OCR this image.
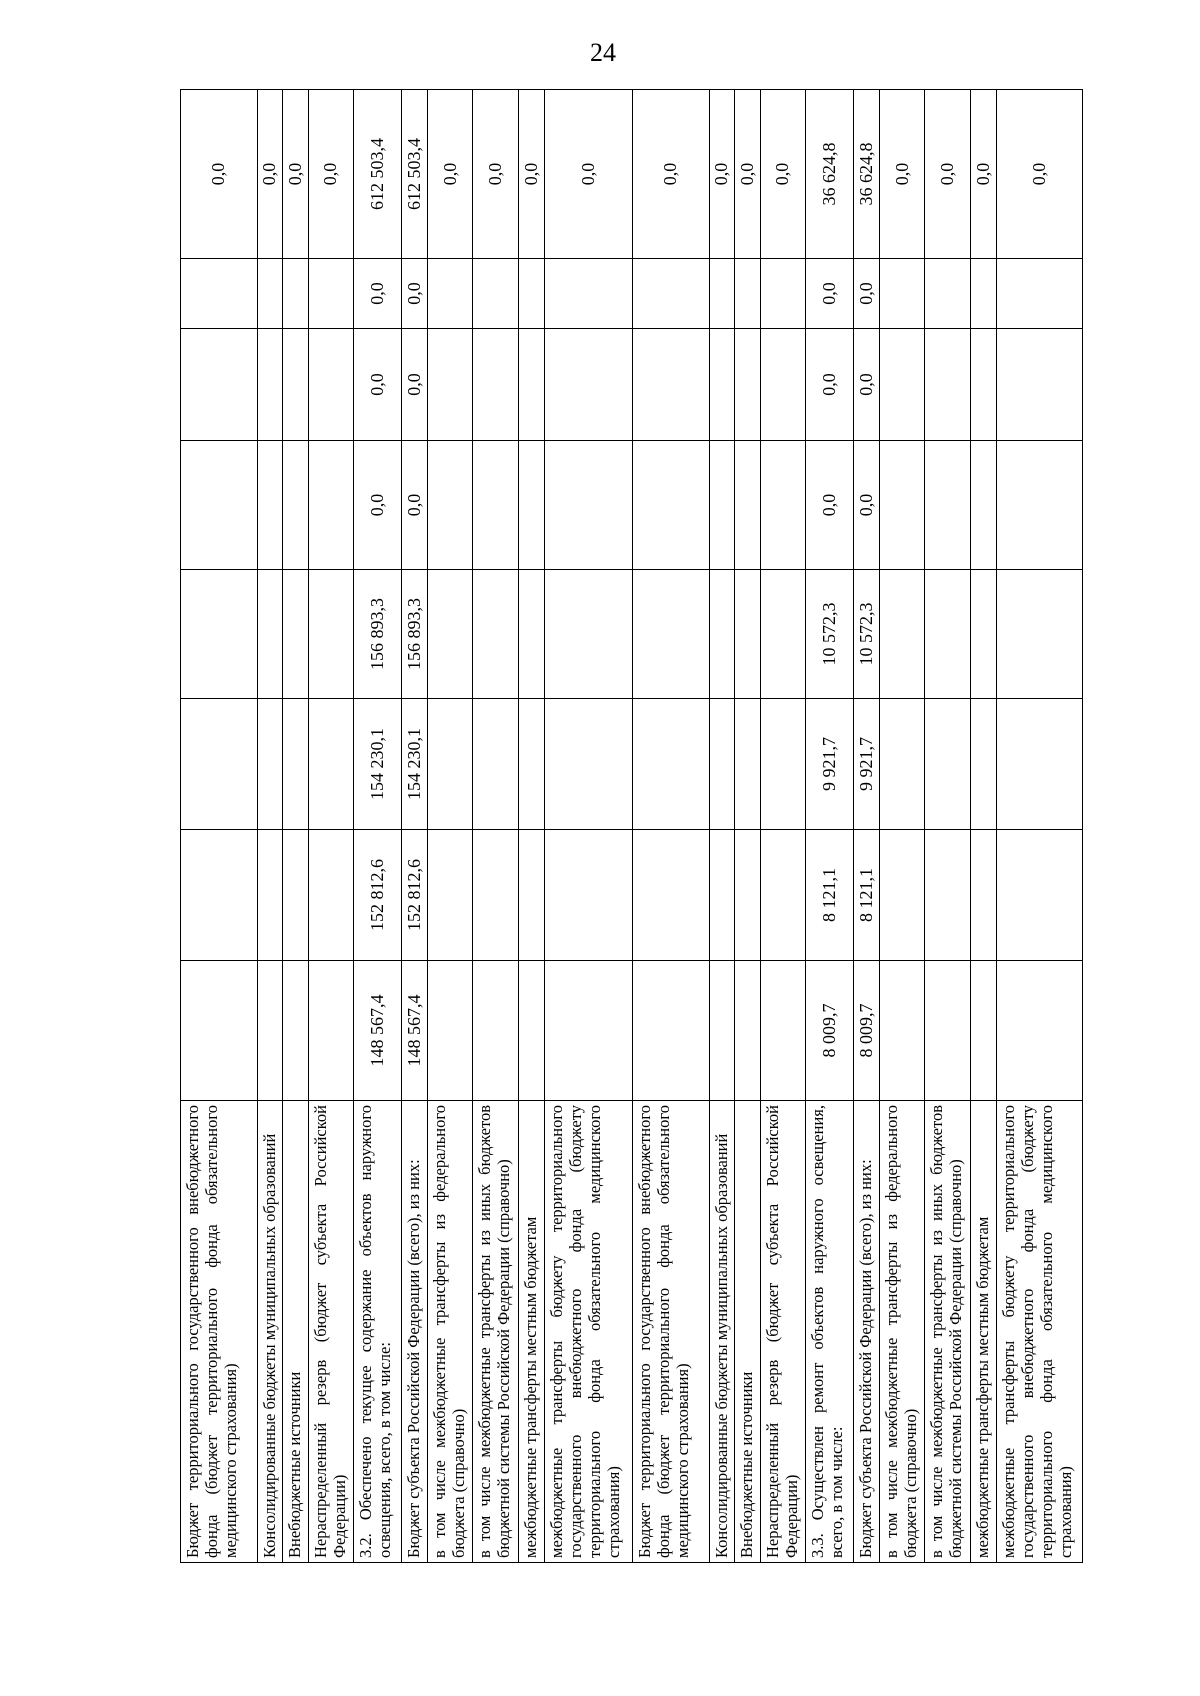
24
Бюджет территориального государственного внебюджетного фонда (бюджет территориального фонда обязательного медицинского страхования)								0,0
Консолидированные бюджеты муниципальных образований								0,0
Внебюджетные источники								0,0
Нераспределенный резерв (бюджет субъекта Российской Федерации)								0,0
3.2. Обеспечено текущее содержание объектов наружного освещения, всего, в том числе:	148 567,4	152 812,6	154 230,1	156 893,3	0,0	0,0	0,0	612 503,4
Бюджет субъекта Российской Федерации (всего), из них:	148 567,4	152 812,6	154 230,1	156 893,3	0,0	0,0	0,0	612 503,4
в том числе межбюджетные трансферты из федерального бюджета (справочно)								0,0
в том числе межбюджетные трансферты из иных бюджетов бюджетной системы Российской Федерации (справочно)								0,0
межбюджетные трансферты местным бюджетам								0,0
межбюджетные трансферты бюджету территориального государственного внебюджетного фонда (бюджету территориального фонда обязательного медицинского страхования)								0,0
Бюджет территориального государственного внебюджетного фонда (бюджет территориального фонда обязательного медицинского страхования)								0,0
Консолидированные бюджеты муниципальных образований								0,0
Внебюджетные источники								0,0
Нераспределенный резерв (бюджет субъекта Российской Федерации)								0,0
3.3. Осуществлен ремонт объектов наружного освещения, всего, в том числе:	8 009,7	8 121,1	9 921,7	10 572,3	0,0	0,0	0,0	36 624,8
Бюджет субъекта Российской Федерации (всего), из них:	8 009,7	8 121,1	9 921,7	10 572,3	0,0	0,0	0,0	36 624,8
в том числе межбюджетные трансферты из федерального бюджета (справочно)								0,0
в том числе межбюджетные трансферты из иных бюджетов бюджетной системы Российской Федерации (справочно)								0,0
межбюджетные трансферты местным бюджетам								0,0
межбюджетные трансферты бюджету территориального государственного внебюджетного фонда (бюджету территориального фонда обязательного медицинского страхования)								0,0
